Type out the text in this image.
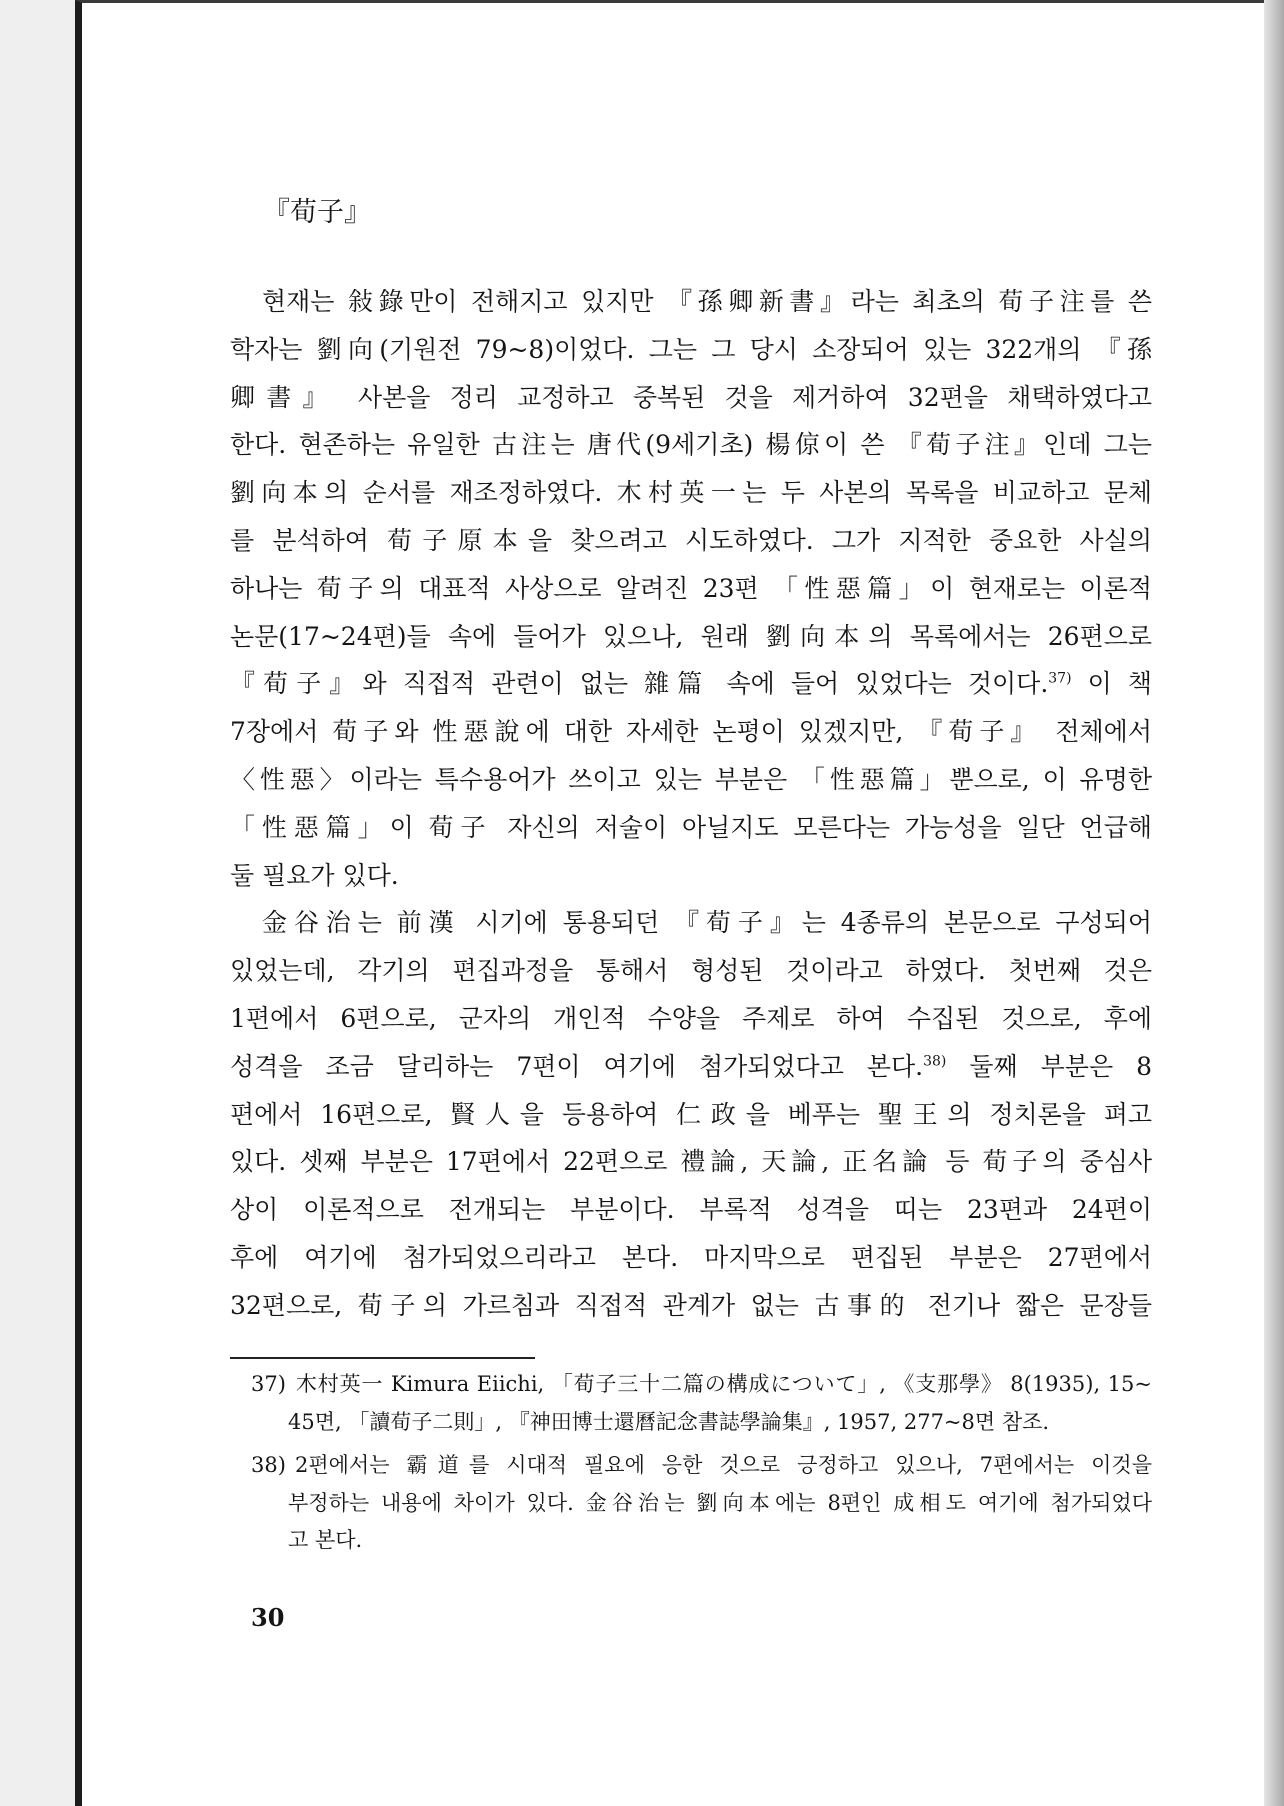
『荀子』
현재는 敍錄만이 전해지고 있지만 『孫卿新書』라는 최초의 荀子注를 쓴
학자는 劉向(기원전 79~8)이었다. 그는 그 당시 소장되어 있는 322개의 『孫
卿書』 사본을 정리 교정하고 중복된 것을 제거하여 32편을 채택하였다고
한다. 현존하는 유일한 古注는 唐代(9세기초) 楊倞이 쓴 『荀子注』인데 그는
劉向本의 순서를 재조정하였다. 木村英一는 두 사본의 목록을 비교하고 문체
를 분석하여 荀子原本을 찾으려고 시도하였다. 그가 지적한 중요한 사실의
하나는 荀子의 대표적 사상으로 알려진 23편 「性惡篇」이 현재로는 이론적
논문(17~24편)들 속에 들어가 있으나, 원래 劉向本의 목록에서는 26편으로
『荀子』와 직접적 관련이 없는 雜篇 속에 들어 있었다는 것이다.$^{37)}$ 이 책
7장에서 荀子와 性惡說에 대한 자세한 논평이 있겠지만, 『荀子』 전체에서
〈性惡〉이라는 특수용어가 쓰이고 있는 부분은 「性惡篇」뿐으로, 이 유명한
「性惡篇」이 荀子 자신의 저술이 아닐지도 모른다는 가능성을 일단 언급해
둘 필요가 있다.
金谷治는 前漢 시기에 통용되던 『荀子』는 4종류의 본문으로 구성되어
있었는데, 각기의 편집과정을 통해서 형성된 것이라고 하였다. 첫번째 것은
1편에서 6편으로, 군자의 개인적 수양을 주제로 하여 수집된 것으로, 후에
성격을 조금 달리하는 7편이 여기에 첨가되었다고 본다.$^{38)}$ 둘째 부분은 8
편에서 16편으로, 賢人을 등용하여 仁政을 베푸는 聖王의 정치론을 펴고
있다. 셋째 부분은 17편에서 22편으로 禮論, 天論, 正名論 등 荀子의 중심사
상이 이론적으로 전개되는 부분이다. 부록적 성격을 띠는 23편과 24편이
후에 여기에 첨가되었으리라고 본다. 마지막으로 편집된 부분은 27편에서
32편으로, 荀子의 가르침과 직접적 관계가 없는 古事的 전기나 짧은 문장들
37) 木村英一 Kimura Eiichi, 「荀子三十二篇の構成について」, 《支那學》 8(1935), 15~
45면, 「讀荀子二則」, 『神田博士還曆記念書誌學論集』, 1957, 277~8면 참조.
38) 2편에서는 霸道를 시대적 필요에 응한 것으로 긍정하고 있으나, 7편에서는 이것을
부정하는 내용에 차이가 있다. 金谷治는 劉向本에는 8편인 成相도 여기에 첨가되었다
고 본다.
30
